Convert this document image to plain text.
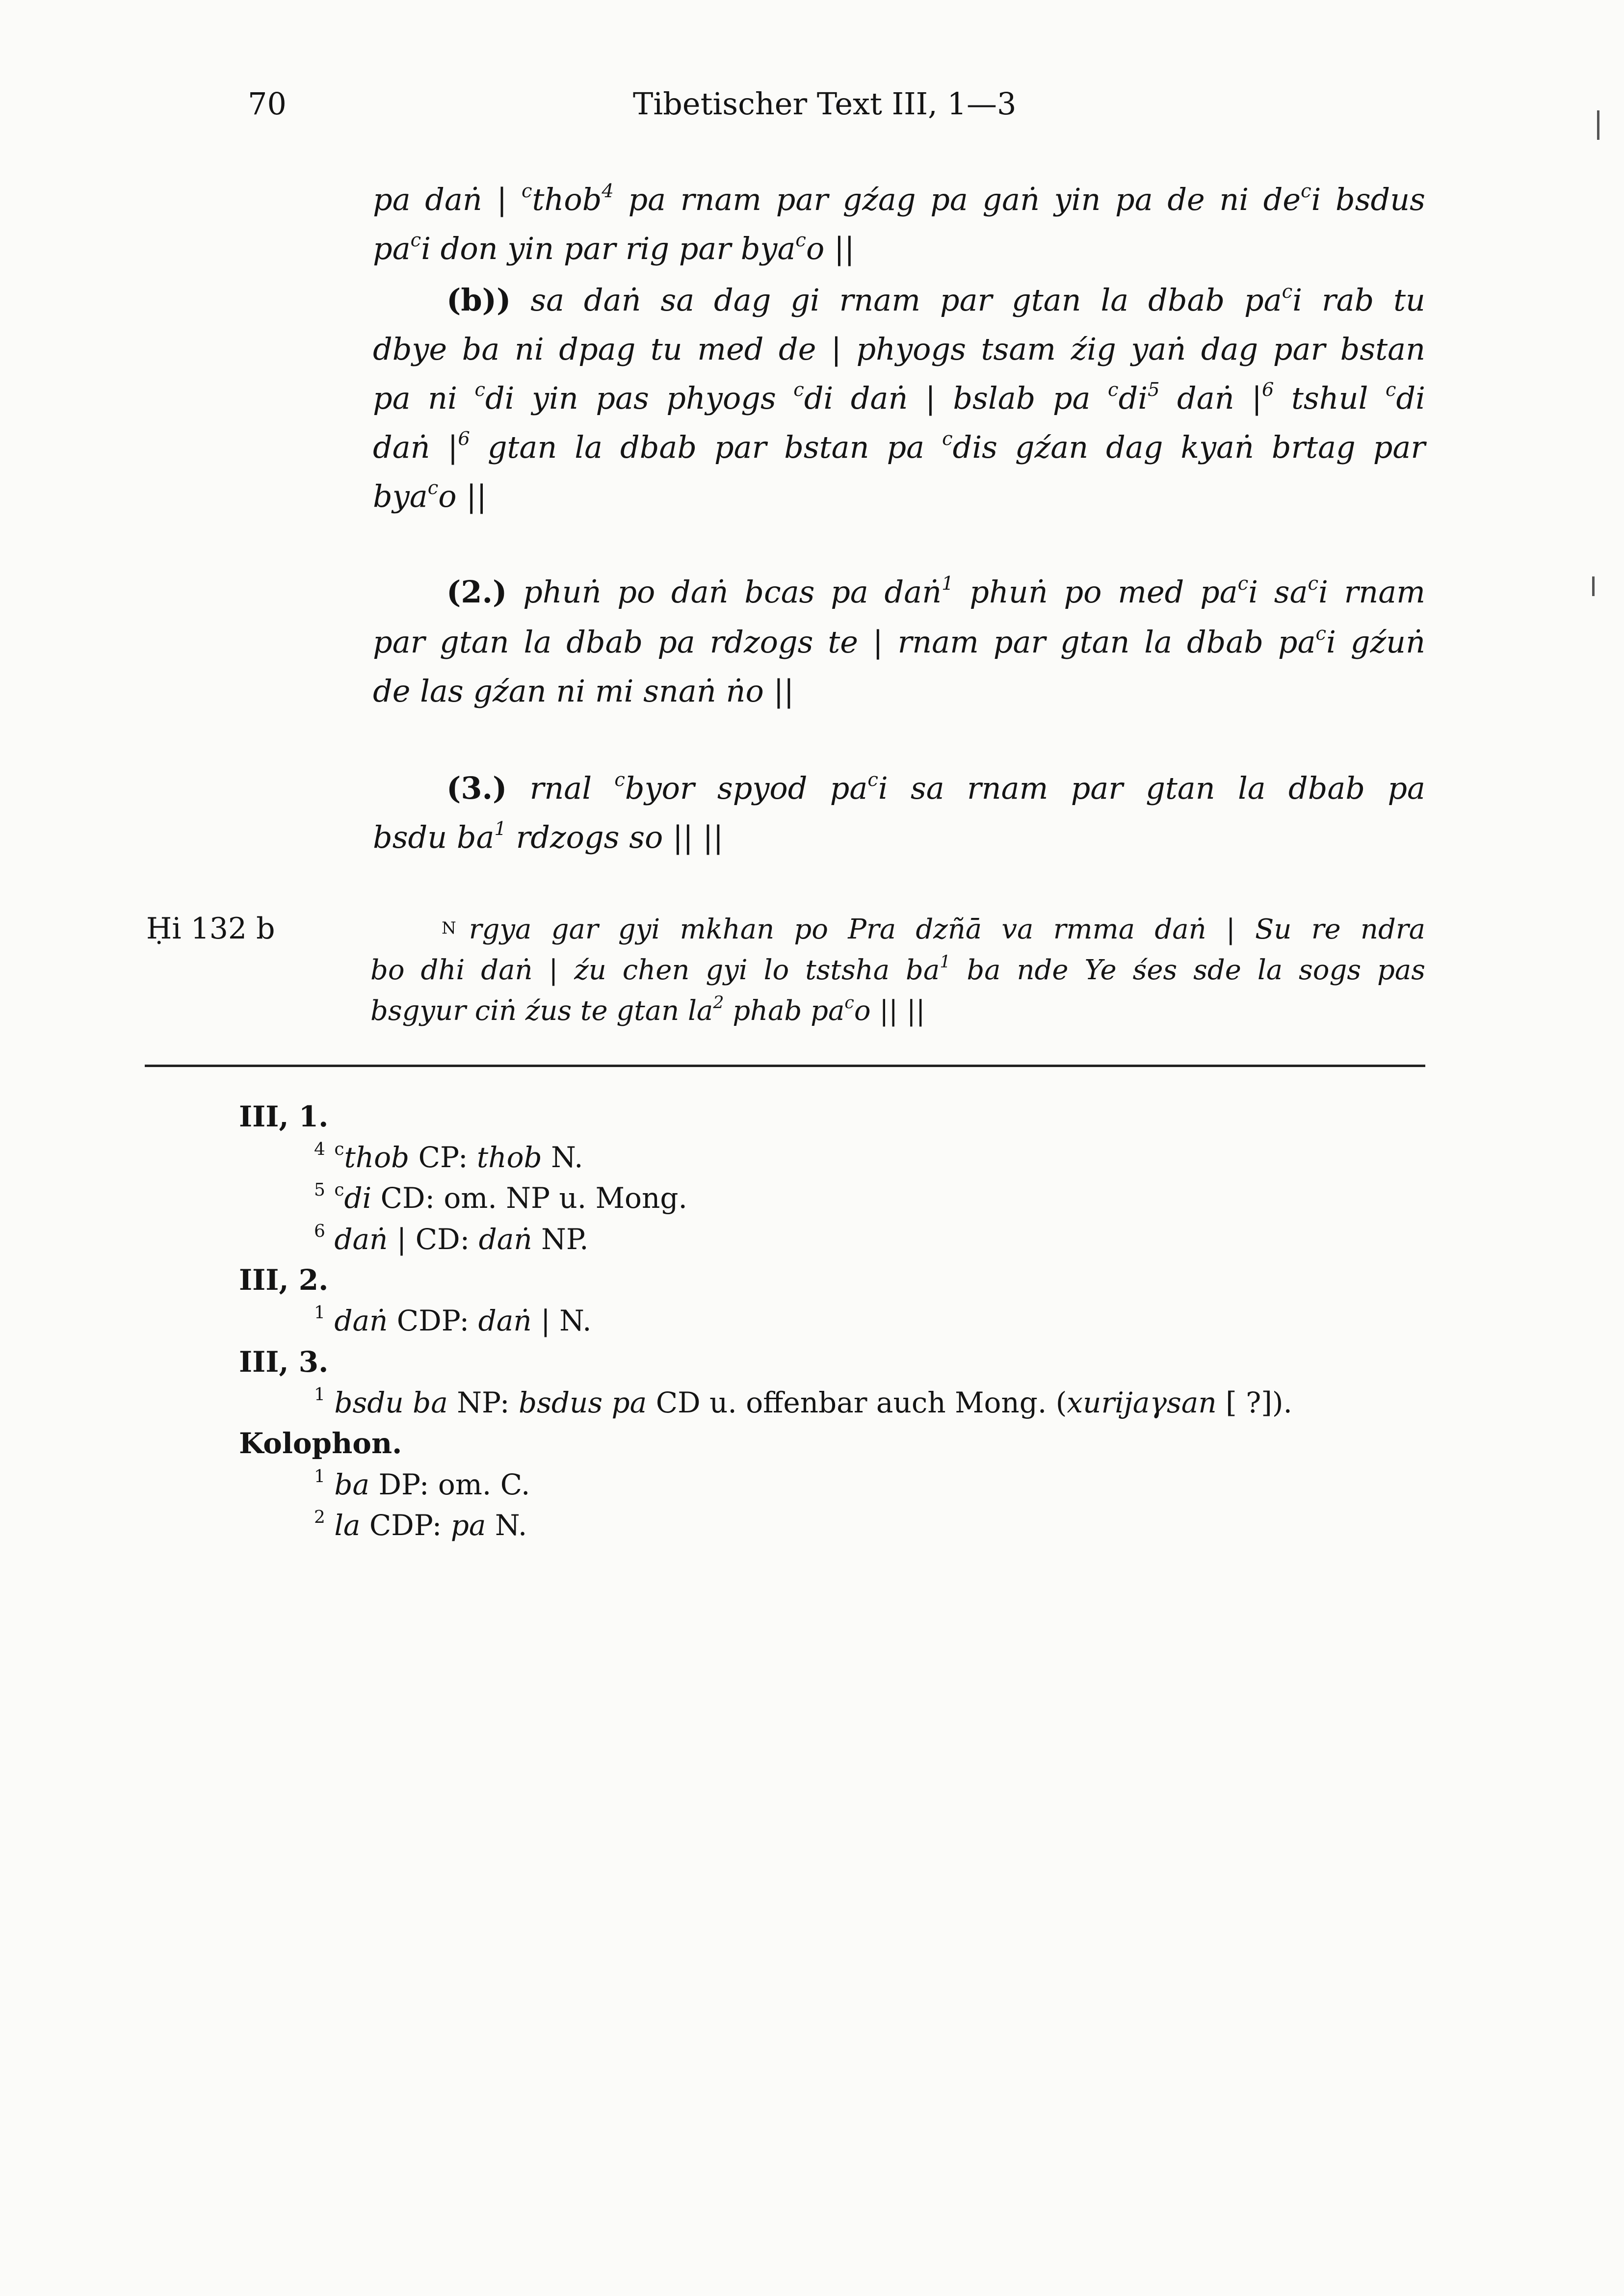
70	Tibetischer Text III, 1—3
pa daṅ | $^c$thob$^4$ pa rnam par gźag pa gaṅ yin pa de ni $de^ci$ bsdus
$pa^ci$ don yin par rig par bya$^c$o ||
(b)) sa daṅ sa dag gi rnam par gtan la dbab $pa^ci$ rab tu
dbye ba ni dpag tu med de | phyogs tsam źig yaṅ dag par bstan
pa ni $^c$di yin pas phyogs $^c$di daṅ | bslab pa $^cdi^5$ daṅ $|^6$ tshul $^c$di
daṅ $|^6$ gtan la dbab par bstan pa $^c$dis gźan dag kyaṅ brtag par
bya$^c$o ||
(2.) phuṅ po daṅ bcas pa daṅ$^1$ phuṅ po med $pa^ci$ $sa^ci$ rnam
par gtan la dbab pa rdzogs te | rnam par gtan la dbab $pa^ci$ gźuṅ
de las gźan ni mi snaṅ ṅo ||
(3.) rnal $^c$byor spyod $pa^ci$ sa rnam par gtan la dbab pa
bsdu $ba^1$ rdzogs so || ||
Ḥi 132 b	N rgya gar gyi mkhan po Pra dzñā va rmma daṅ | Su re ndra
bo dhi daṅ | źu chen gyi lo tstsha $ba^1$ ba nde Ye śes sde la sogs pas
bsgyur ciṅ źus te gtan $la^2$ phab $pa^co$ || ||
III, 1.
$^4$ $^c$thob CP: thob N.
$^5$ $^c$di CD: om. NP u. Mong.
$^6$ daṅ | CD: daṅ NP.
III, 2.
$^1$ daṅ CDP: daṅ | N.
III, 3.
$^1$ bsdu ba NP: bsdus pa CD u. offenbar auch Mong. (xurijaγsan [ ?]).
Kolophon.
$^1$ ba DP: om. C.
$^2$ la CDP: pa N.
